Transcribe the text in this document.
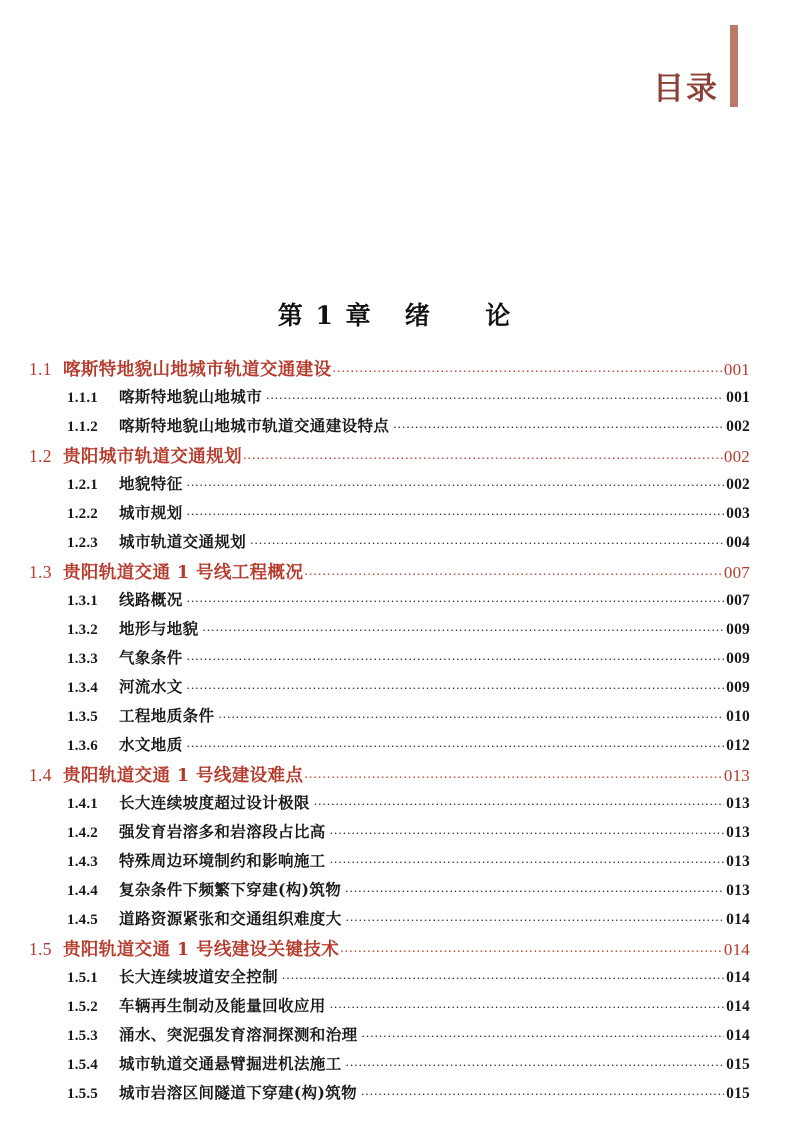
目录
第 1 章   绪     论
1.1 喀斯特地貌山地城市轨道交通建设 .....	001
1.1.1	喀斯特地貌山地城市 .....	001
1.1.2	喀斯特地貌山地城市轨道交通建设特点 .....	002
1.2 贵阳城市轨道交通规划 .....	002
1.2.1	地貌特征 .....	002
1.2.2	城市规划 .....	003
1.2.3	城市轨道交通规划 .....	004
1.3 贵阳轨道交通 1 号线工程概况 .....	007
1.3.1	线路概况 .....	007
1.3.2	地形与地貌 .....	009
1.3.3	气象条件 .....	009
1.3.4	河流水文 .....	009
1.3.5	工程地质条件 .....	010
1.3.6	水文地质 .....	012
1.4 贵阳轨道交通 1 号线建设难点 .....	013
1.4.1	长大连续坡度超过设计极限 .....	013
1.4.2	强发育岩溶多和岩溶段占比高 .....	013
1.4.3	特殊周边环境制约和影响施工 .....	013
1.4.4	复杂条件下频繁下穿建(构)筑物 .....	013
1.4.5	道路资源紧张和交通组织难度大 .....	014
1.5 贵阳轨道交通 1 号线建设关键技术 .....	014
1.5.1	长大连续坡道安全控制 .....	014
1.5.2	车辆再生制动及能量回收应用 .....	014
1.5.3	涌水、突泥强发育溶洞探测和治理 .....	014
1.5.4	城市轨道交通悬臂掘进机法施工 .....	015
1.5.5	城市岩溶区间隧道下穿建(构)筑物 .....	015
